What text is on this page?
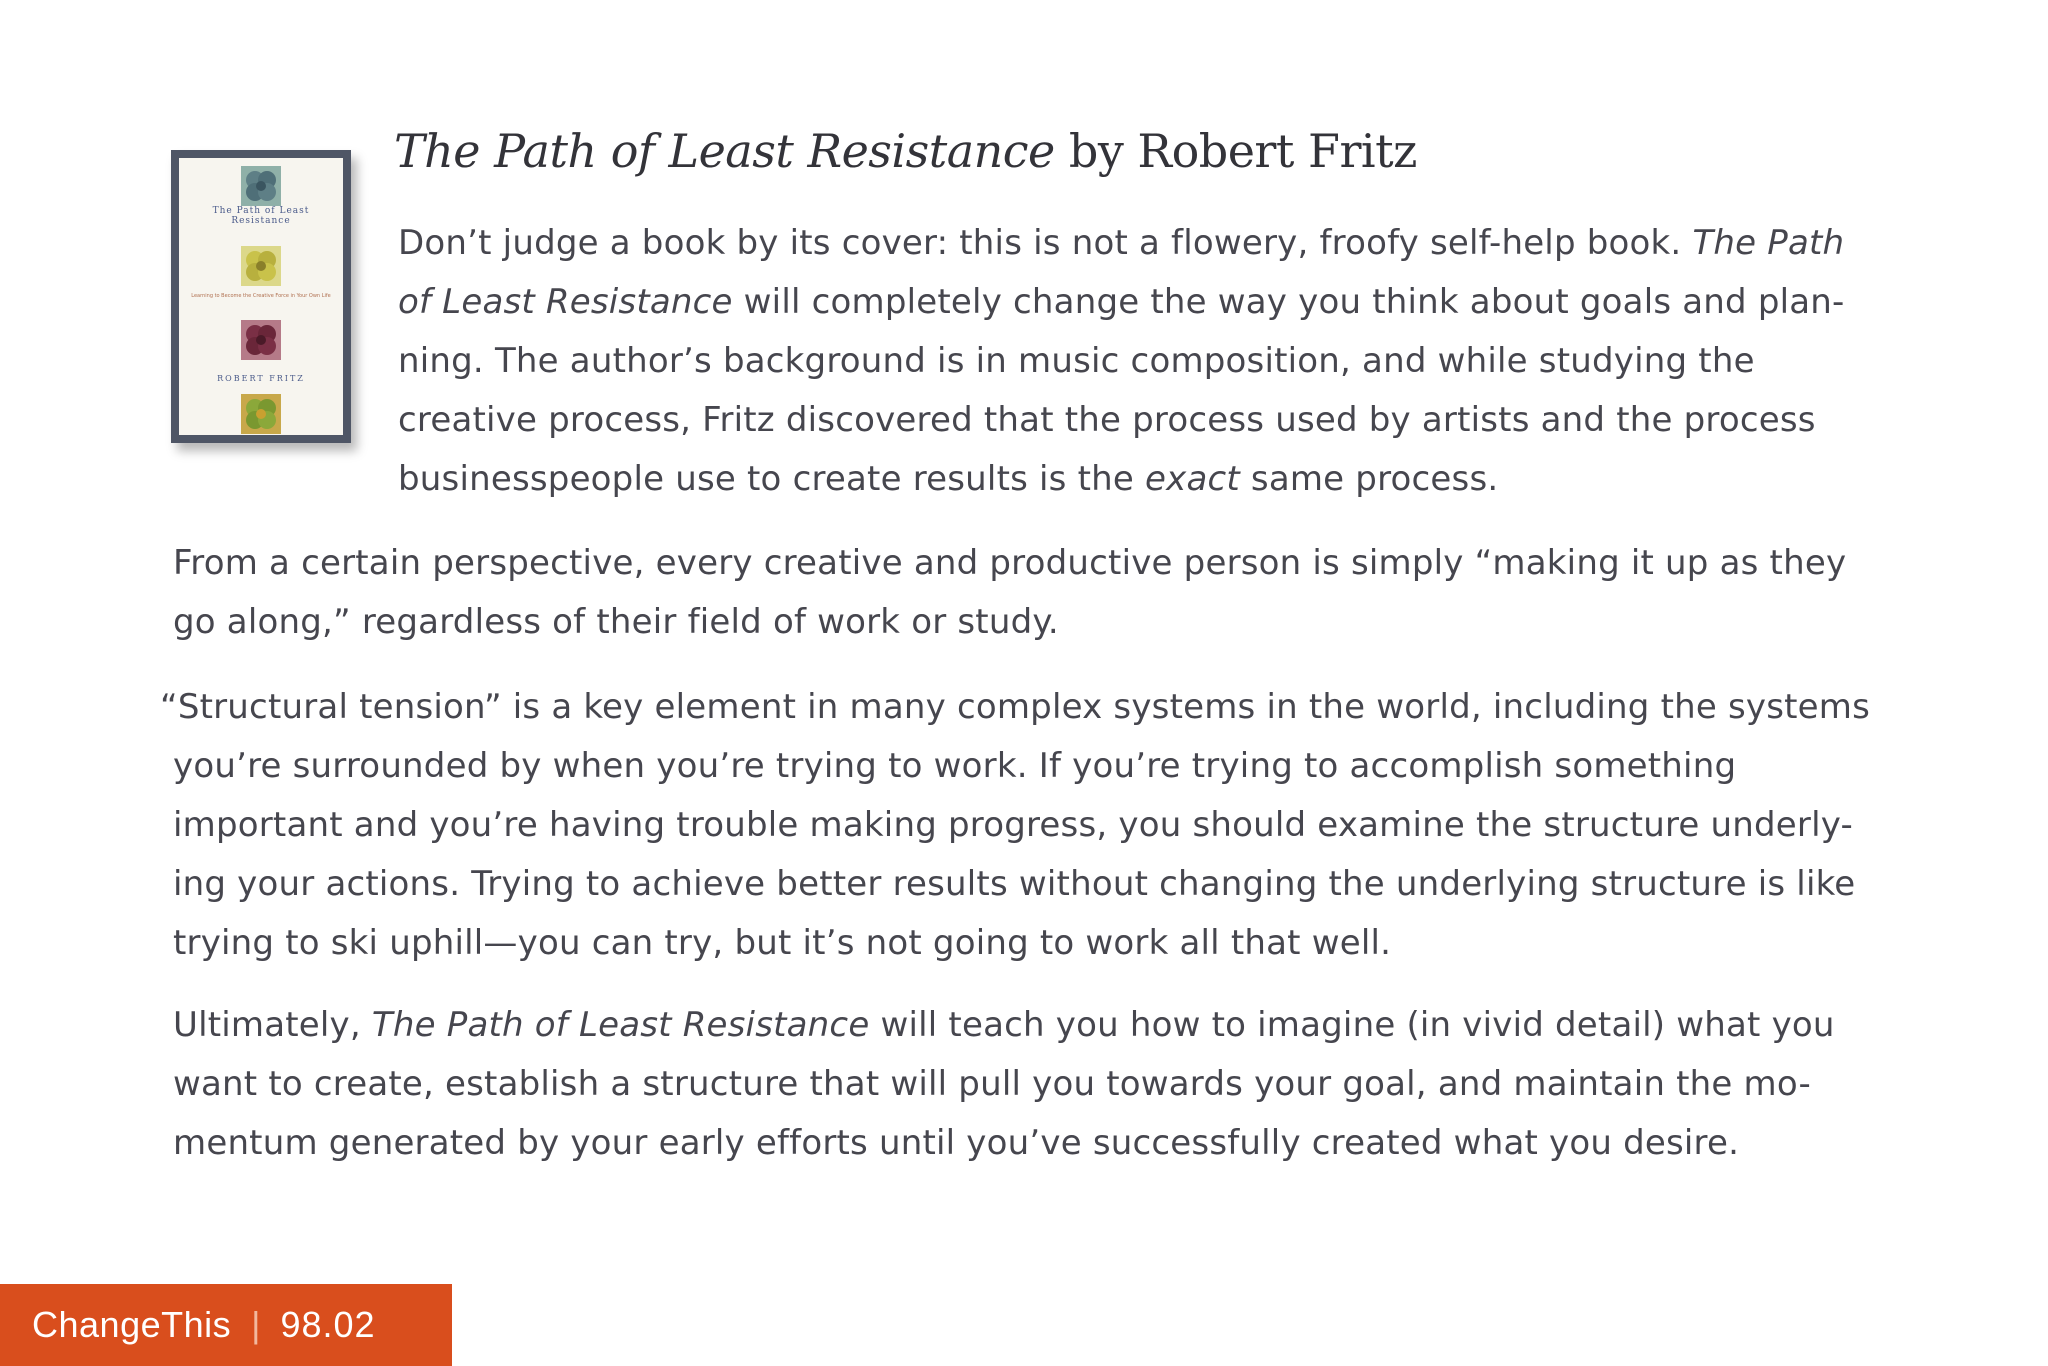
The Path of Least Resistance
Learning to Become the Creative Force in Your Own Life
ROBERT FRITZ
The Path of Least Resistance by Robert Fritz
Don’t judge a book by its cover: this is not a flowery, froofy self-help book. The Path
of Least Resistance will completely change the way you think about goals and plan-
ning. The author’s background is in music composition, and while studying the
creative process, Fritz discovered that the process used by artists and the process
businesspeople use to create results is the exact same process.
From a certain perspective, every creative and productive person is simply “making it up as they
go along,” regardless of their field of work or study.
“Structural tension” is a key element in many complex systems in the world, including the systems
you’re surrounded by when you’re trying to work. If you’re trying to accomplish something
important and you’re having trouble making progress, you should examine the structure underly-
ing your actions. Trying to achieve better results without changing the underlying structure is like
trying to ski uphill—you can try, but it’s not going to work all that well.
Ultimately, The Path of Least Resistance will teach you how to imagine (in vivid detail) what you
want to create, establish a structure that will pull you towards your goal, and maintain the mo-
mentum generated by your early efforts until you’ve successfully created what you desire.
ChangeThis | 98.02
